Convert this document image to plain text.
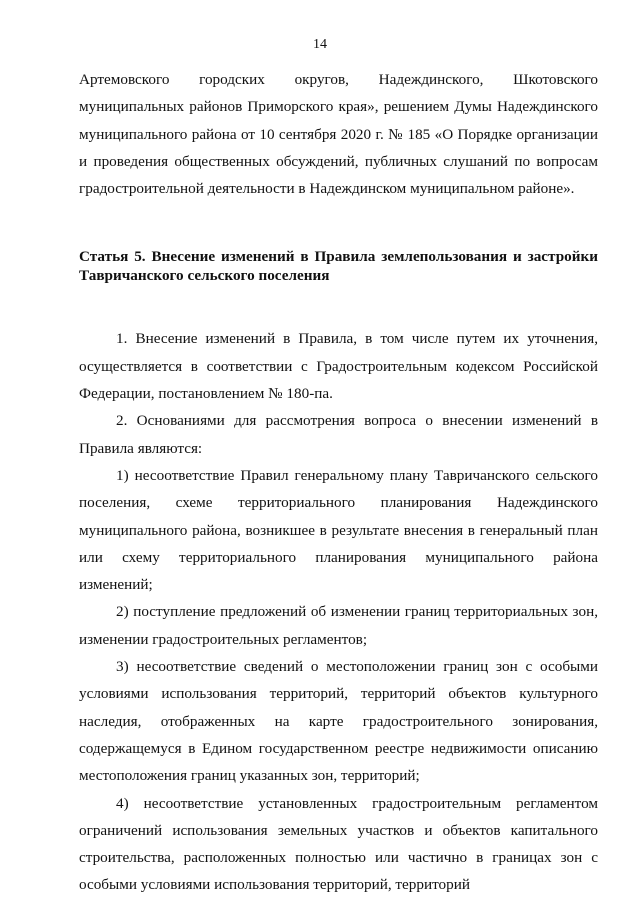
14

Артемовского городских округов, Надеждинского, Шкотовского муниципальных районов Приморского края», решением Думы Надеждинского муниципального района от 10 сентября 2020 г. № 185 «О Порядке организации и проведения общественных обсуждений, публичных слушаний по вопросам градостроительной деятельности в Надеждинском муниципальном районе».

Статья 5. Внесение изменений в Правила землепользования и застройки Тавричанского сельского поселения

1. Внесение изменений в Правила, в том числе путем их уточнения, осуществляется в соответствии с Градостроительным кодексом Российской Федерации, постановлением № 180-па.

2. Основаниями для рассмотрения вопроса о внесении изменений в Правила являются:

1) несоответствие Правил генеральному плану Тавричанского сельского поселения, схеме территориального планирования Надеждинского муниципального района, возникшее в результате внесения в генеральный план или схему территориального планирования муниципального района изменений;

2) поступление предложений об изменении границ территориальных зон, изменении градостроительных регламентов;

3) несоответствие сведений о местоположении границ зон с особыми условиями использования территорий, территорий объектов культурного наследия, отображенных на карте градостроительного зонирования, содержащемуся в Едином государственном реестре недвижимости описанию местоположения границ указанных зон, территорий;

4) несоответствие установленных градостроительным регламентом ограничений использования земельных участков и объектов капитального строительства, расположенных полностью или частично в границах зон с особыми условиями использования территорий, территорий
